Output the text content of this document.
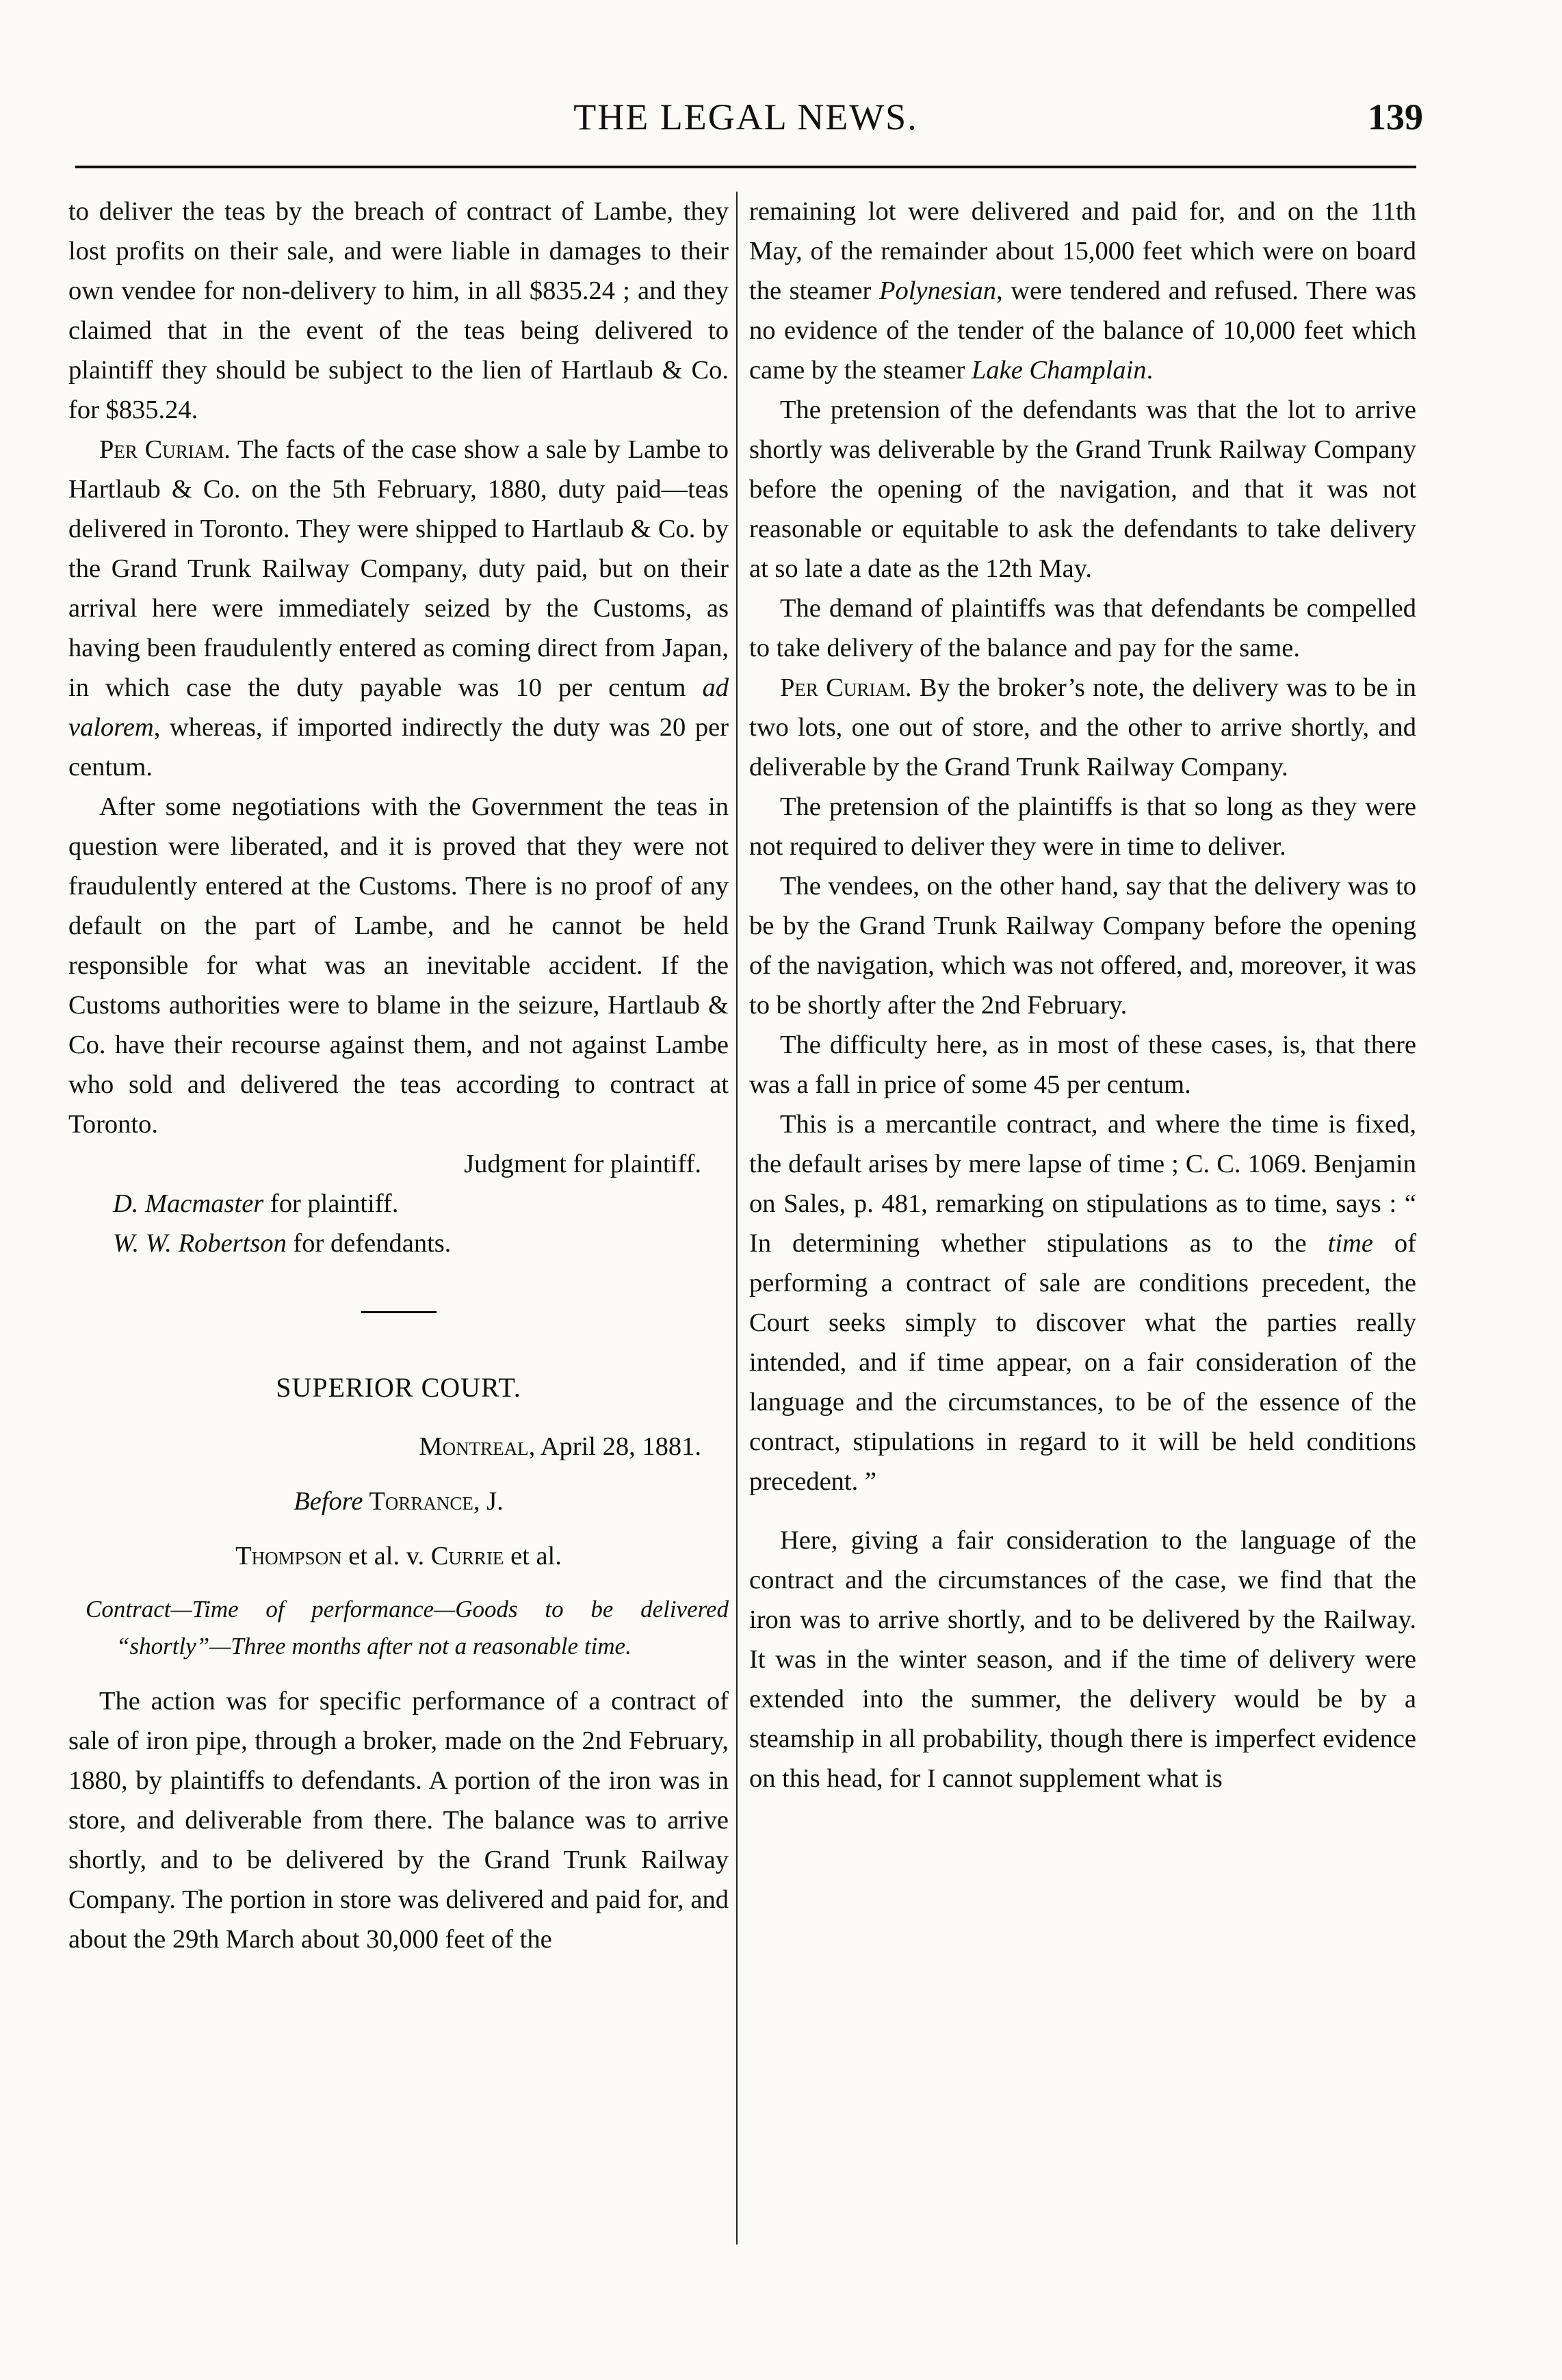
THE LEGAL NEWS.	139

to deliver the teas by the breach of contract of Lambe, they lost profits on their sale, and were liable in damages to their own vendee for non-delivery to him, in all $835.24 ; and they claimed that in the event of the teas being delivered to plaintiff they should be subject to the lien of Hartlaub & Co. for $835.24.

Per Curiam. The facts of the case show a sale by Lambe to Hartlaub & Co. on the 5th February, 1880, duty paid—teas delivered in Toronto. They were shipped to Hartlaub & Co. by the Grand Trunk Railway Company, duty paid, but on their arrival here were immediately seized by the Customs, as having been fraudulently entered as coming direct from Japan, in which case the duty payable was 10 per centum ad valorem, whereas, if imported indirectly the duty was 20 per centum.

After some negotiations with the Government the teas in question were liberated, and it is proved that they were not fraudulently entered at the Customs. There is no proof of any default on the part of Lambe, and he cannot be held responsible for what was an inevitable accident. If the Customs authorities were to blame in the seizure, Hartlaub & Co. have their recourse against them, and not against Lambe who sold and delivered the teas according to contract at Toronto.

Judgment for plaintiff.

D. Macmaster for plaintiff.

W. W. Robertson for defendants.

SUPERIOR COURT.
Montreal, April 28, 1881.
Before Torrance, J.
Thompson et al. v. Currie et al.

Contract—Time of performance—Goods to be delivered “shortly”—Three months after not a reasonable time.

The action was for specific performance of a contract of sale of iron pipe, through a broker, made on the 2nd February, 1880, by plaintiffs to defendants. A portion of the iron was in store, and deliverable from there. The balance was to arrive shortly, and to be delivered by the Grand Trunk Railway Company. The portion in store was delivered and paid for, and about the 29th March about 30,000 feet of the

remaining lot were delivered and paid for, and on the 11th May, of the remainder about 15,000 feet which were on board the steamer Polynesian, were tendered and refused. There was no evidence of the tender of the balance of 10,000 feet which came by the steamer Lake Champlain.

The pretension of the defendants was that the lot to arrive shortly was deliverable by the Grand Trunk Railway Company before the opening of the navigation, and that it was not reasonable or equitable to ask the defendants to take delivery at so late a date as the 12th May.

The demand of plaintiffs was that defendants be compelled to take delivery of the balance and pay for the same.

Per Curiam. By the broker’s note, the delivery was to be in two lots, one out of store, and the other to arrive shortly, and deliverable by the Grand Trunk Railway Company.

The pretension of the plaintiffs is that so long as they were not required to deliver they were in time to deliver.

The vendees, on the other hand, say that the delivery was to be by the Grand Trunk Railway Company before the opening of the navigation, which was not offered, and, moreover, it was to be shortly after the 2nd February.

The difficulty here, as in most of these cases, is, that there was a fall in price of some 45 per centum.

This is a mercantile contract, and where the time is fixed, the default arises by mere lapse of time ; C. C. 1069. Benjamin on Sales, p. 481, remarking on stipulations as to time, says : “ In determining whether stipulations as to the time of performing a contract of sale are conditions precedent, the Court seeks simply to discover what the parties really intended, and if time appear, on a fair consideration of the language and the circumstances, to be of the essence of the contract, stipulations in regard to it will be held conditions precedent. ”

Here, giving a fair consideration to the language of the contract and the circumstances of the case, we find that the iron was to arrive shortly, and to be delivered by the Railway. It was in the winter season, and if the time of delivery were extended into the summer, the delivery would be by a steamship in all probability, though there is imperfect evidence on this head, for I cannot supplement what is
